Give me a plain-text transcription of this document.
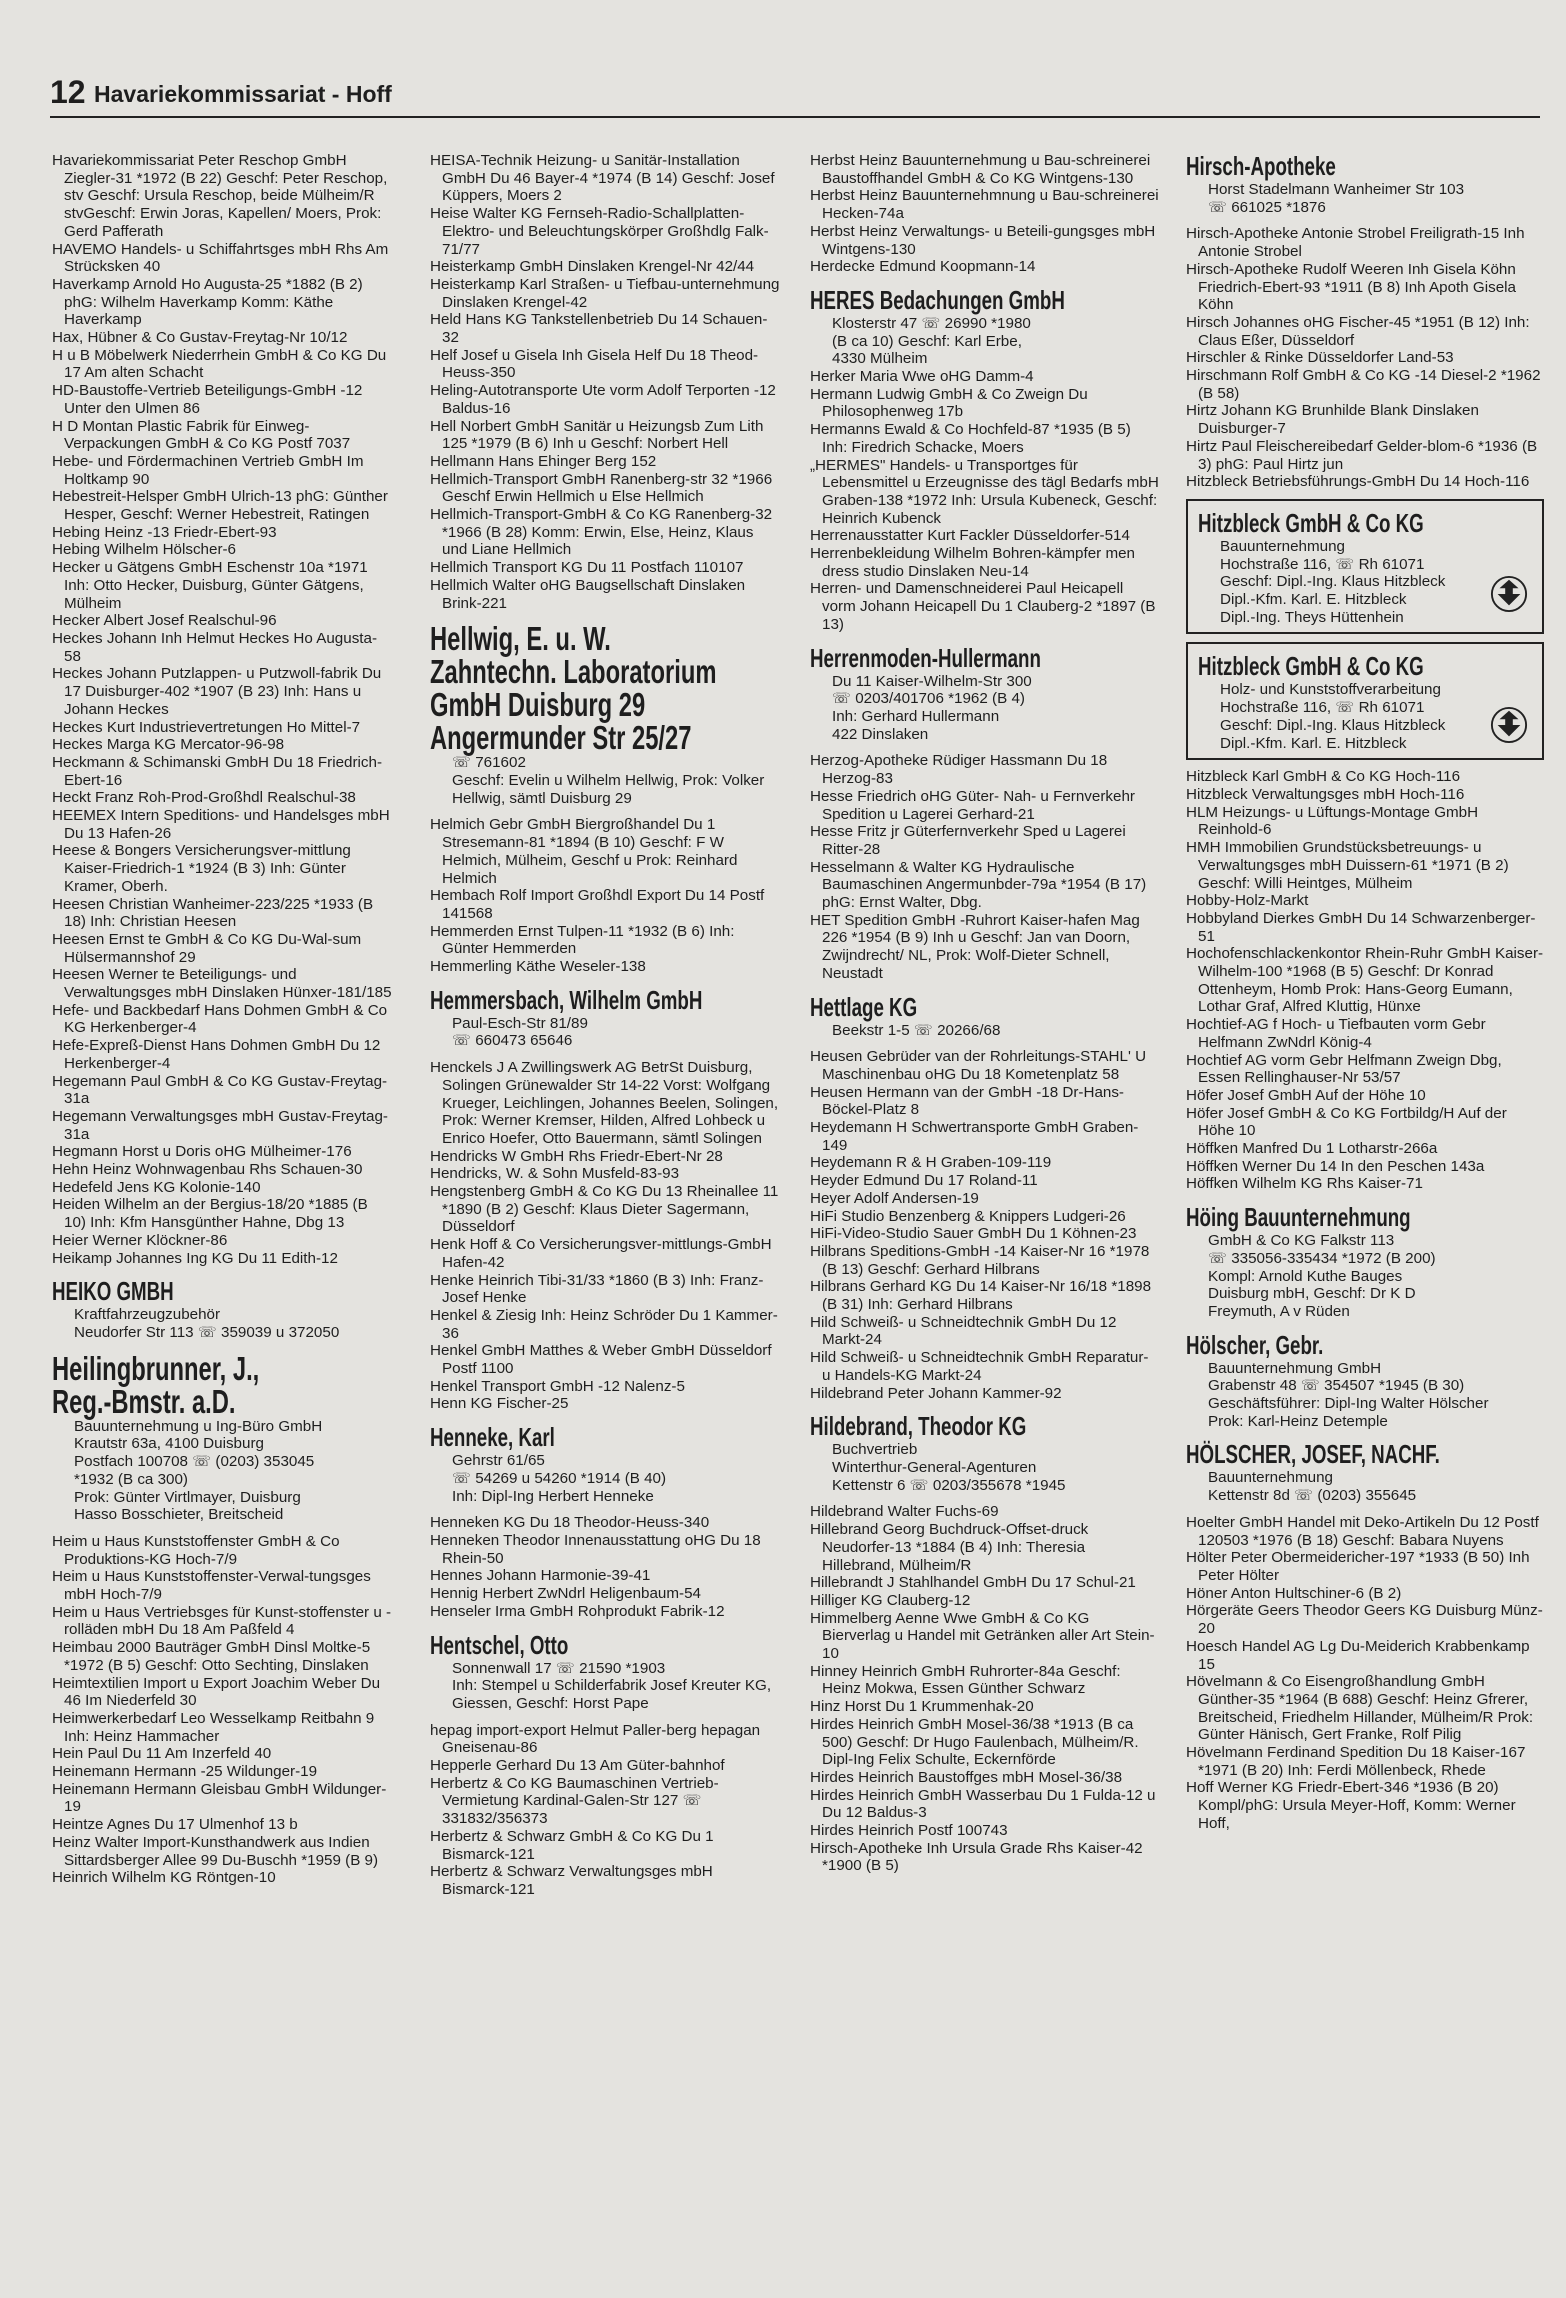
12 Havariekommissariat - Hoff

Havariekommissariat Peter Reschop GmbH Ziegler-31 *1972 (B 22) Geschf: Peter Reschop, stv Geschf: Ursula Reschop, beide Mülheim/R stvGeschf: Erwin Joras, Kapellen/ Moers, Prok: Gerd Pafferath

HAVEMO Handels- u Schiffahrtsges mbH Rhs Am Strücksken 40

Haverkamp Arnold Ho Augusta-25 *1882 (B 2) phG: Wilhelm Haverkamp Komm: Käthe Haverkamp

Hax, Hübner & Co Gustav-Freytag-Nr 10/12

H u B Möbelwerk Niederrhein GmbH & Co KG Du 17 Am alten Schacht

HD-Baustoffe-Vertrieb Beteiligungs-GmbH -12 Unter den Ulmen 86

H D Montan Plastic Fabrik für Einweg-Verpackungen GmbH & Co KG Postf 7037

Hebe- und Fördermachinen Vertrieb GmbH Im Holtkamp 90

Hebestreit-Helsper GmbH Ulrich-13 phG: Günther Hesper, Geschf: Werner Hebestreit, Ratingen

Hebing Heinz -13 Friedr-Ebert-93

Hebing Wilhelm Hölscher-6

Hecker u Gätgens GmbH Eschenstr 10a *1971 Inh: Otto Hecker, Duisburg, Günter Gätgens, Mülheim

Hecker Albert Josef Realschul-96

Heckes Johann Inh Helmut Heckes Ho Augusta-58

Heckes Johann Putzlappen- u Putzwoll-fabrik Du 17 Duisburger-402 *1907 (B 23) Inh: Hans u Johann Heckes

Heckes Kurt Industrievertretungen Ho Mittel-7

Heckes Marga KG Mercator-96-98

Heckmann & Schimanski GmbH Du 18 Friedrich-Ebert-16

Heckt Franz Roh-Prod-Großhdl Realschul-38

HEEMEX Intern Speditions- und Handelsges mbH Du 13 Hafen-26

Heese & Bongers Versicherungsver-mittlung Kaiser-Friedrich-1 *1924 (B 3) Inh: Günter Kramer, Oberh.

Heesen Christian Wanheimer-223/225 *1933 (B 18) Inh: Christian Heesen

Heesen Ernst te GmbH & Co KG Du-Wal-sum Hülsermannshof 29

Heesen Werner te Beteiligungs- und Verwaltungsges mbH Dinslaken Hünxer-181/185

Hefe- und Backbedarf Hans Dohmen GmbH & Co KG Herkenberger-4

Hefe-Expreß-Dienst Hans Dohmen GmbH Du 12 Herkenberger-4

Hegemann Paul GmbH & Co KG Gustav-Freytag-31a

Hegemann Verwaltungsges mbH Gustav-Freytag-31a

Hegmann Horst u Doris oHG Mülheimer-176

Hehn Heinz Wohnwagenbau Rhs Schauen-30

Hedefeld Jens KG Kolonie-140

Heiden Wilhelm an der Bergius-18/20 *1885 (B 10) Inh: Kfm Hansgünther Hahne, Dbg 13

Heier Werner Klöckner-86

Heikamp Johannes Ing KG Du 11 Edith-12

HEIKO GMBH

Kraftfahrzeugzubehör

Neudorfer Str 113 ☏ 359039 u 372050

Heilingbrunner, J.,
Reg.-Bmstr. a.D.

Bauunternehmung u Ing-Büro GmbH

Krautstr 63a, 4100 Duisburg

Postfach 100708 ☏ (0203) 353045

*1932 (B ca 300)

Prok: Günter Virtlmayer, Duisburg

Hasso Bosschieter, Breitscheid

Heim u Haus Kunststoffenster GmbH & Co Produktions-KG Hoch-7/9

Heim u Haus Kunststoffenster-Verwal-tungsges mbH Hoch-7/9

Heim u Haus Vertriebsges für Kunst-stoffenster u -rolläden mbH Du 18 Am Paßfeld 4

Heimbau 2000 Bauträger GmbH Dinsl Moltke-5 *1972 (B 5) Geschf: Otto Sechting, Dinslaken

Heimtextilien Import u Export Joachim Weber Du 46 Im Niederfeld 30

Heimwerkerbedarf Leo Wesselkamp Reitbahn 9 Inh: Heinz Hammacher

Hein Paul Du 11 Am Inzerfeld 40

Heinemann Hermann -25 Wildunger-19

Heinemann Hermann Gleisbau GmbH Wildunger-19

Heintze Agnes Du 17 Ulmenhof 13 b

Heinz Walter Import-Kunsthandwerk aus Indien Sittardsberger Allee 99 Du-Buschh *1959 (B 9)

Heinrich Wilhelm KG Röntgen-10

HEISA-Technik Heizung- u Sanitär-Installation GmbH Du 46 Bayer-4 *1974 (B 14) Geschf: Josef Küppers, Moers 2

Heise Walter KG Fernseh-Radio-Schallplatten-Elektro- und Beleuchtungskörper Großhdlg Falk-71/77

Heisterkamp GmbH Dinslaken Krengel-Nr 42/44

Heisterkamp Karl Straßen- u Tiefbau-unternehmung Dinslaken Krengel-42

Held Hans KG Tankstellenbetrieb Du 14 Schauen-32

Helf Josef u Gisela Inh Gisela Helf Du 18 Theod-Heuss-350

Heling-Autotransporte Ute vorm Adolf Terporten -12 Baldus-16

Hell Norbert GmbH Sanitär u Heizungsb Zum Lith 125 *1979 (B 6) Inh u Geschf: Norbert Hell

Hellmann Hans Ehinger Berg 152

Hellmich-Transport GmbH Ranenberg-str 32 *1966 Geschf Erwin Hellmich u Else Hellmich

Hellmich-Transport-GmbH & Co KG Ranenberg-32 *1966 (B 28) Komm: Erwin, Else, Heinz, Klaus und Liane Hellmich

Hellmich Transport KG Du 11 Postfach 110107

Hellmich Walter oHG Baugsellschaft Dinslaken Brink-221

Hellwig, E. u. W.
Zahntechn. Laboratorium
GmbH Duisburg 29
Angermunder Str 25/27

☏ 761602

Geschf: Evelin u Wilhelm Hellwig, Prok: Volker Hellwig, sämtl Duisburg 29

Helmich Gebr GmbH Biergroßhandel Du 1 Stresemann-81 *1894 (B 10) Geschf: F W Helmich, Mülheim, Geschf u Prok: Reinhard Helmich

Hembach Rolf Import Großhdl Export Du 14 Postf 141568

Hemmerden Ernst Tulpen-11 *1932 (B 6) Inh: Günter Hemmerden

Hemmerling Käthe Weseler-138

Hemmersbach, Wilhelm GmbH

Paul-Esch-Str 81/89

☏ 660473 65646

Henckels J A Zwillingswerk AG BetrSt Duisburg, Solingen Grünewalder Str 14-22 Vorst: Wolfgang Krueger, Leichlingen, Johannes Beelen, Solingen, Prok: Werner Kremser, Hilden, Alfred Lohbeck u Enrico Hoefer, Otto Bauermann, sämtl Solingen

Hendricks W GmbH Rhs Friedr-Ebert-Nr 28

Hendricks, W. & Sohn Musfeld-83-93

Hengstenberg GmbH & Co KG Du 13 Rheinallee 11 *1890 (B 2) Geschf: Klaus Dieter Sagermann, Düsseldorf

Henk Hoff & Co Versicherungsver-mittlungs-GmbH Hafen-42

Henke Heinrich Tibi-31/33 *1860 (B 3) Inh: Franz-Josef Henke

Henkel & Ziesig Inh: Heinz Schröder Du 1 Kammer-36

Henkel GmbH Matthes & Weber GmbH Düsseldorf Postf 1100

Henkel Transport GmbH -12 Nalenz-5

Henn KG Fischer-25

Henneke, Karl

Gehrstr 61/65

☏ 54269 u 54260 *1914 (B 40)

Inh: Dipl-Ing Herbert Henneke

Henneken KG Du 18 Theodor-Heuss-340

Henneken Theodor Innenausstattung oHG Du 18 Rhein-50

Hennes Johann Harmonie-39-41

Hennig Herbert ZwNdrl Heligenbaum-54

Henseler Irma GmbH Rohprodukt Fabrik-12

Hentschel, Otto

Sonnenwall 17 ☏ 21590 *1903

Inh: Stempel u Schilderfabrik Josef Kreuter KG, Giessen, Geschf: Horst Pape

hepag import-export Helmut Paller-berg hepagan Gneisenau-86

Hepperle Gerhard Du 13 Am Güter-bahnhof

Herbertz & Co KG Baumaschinen Vertrieb-Vermietung Kardinal-Galen-Str 127 ☏ 331832/356373

Herbertz & Schwarz GmbH & Co KG Du 1 Bismarck-121

Herbertz & Schwarz Verwaltungsges mbH Bismarck-121

Herbst Heinz Bauunternehmung u Bau-schreinerei Baustoffhandel GmbH & Co KG Wintgens-130

Herbst Heinz Bauunternehmnung u Bau-schreinerei Hecken-74a

Herbst Heinz Verwaltungs- u Beteili-gungsges mbH Wintgens-130

Herdecke Edmund Koopmann-14

HERES Bedachungen GmbH

Klosterstr 47 ☏ 26990 *1980

(B ca 10) Geschf: Karl Erbe,

4330 Mülheim

Herker Maria Wwe oHG Damm-4

Hermann Ludwig GmbH & Co Zweign Du Philosophenweg 17b

Hermanns Ewald & Co Hochfeld-87 *1935 (B 5) Inh: Firedrich Schacke, Moers

„HERMES" Handels- u Transportges für Lebensmittel u Erzeugnisse des tägl Bedarfs mbH Graben-138 *1972 Inh: Ursula Kubeneck, Geschf: Heinrich Kubenck

Herrenausstatter Kurt Fackler Düsseldorfer-514

Herrenbekleidung Wilhelm Bohren-kämpfer men dress studio Dinslaken Neu-14

Herren- und Damenschneiderei Paul Heicapell vorm Johann Heicapell Du 1 Clauberg-2 *1897 (B 13)

Herrenmoden-Hullermann

Du 11 Kaiser-Wilhelm-Str 300

☏ 0203/401706 *1962 (B 4)

Inh: Gerhard Hullermann

422 Dinslaken

Herzog-Apotheke Rüdiger Hassmann Du 18 Herzog-83

Hesse Friedrich oHG Güter- Nah- u Fernverkehr Spedition u Lagerei Gerhard-21

Hesse Fritz jr Güterfernverkehr Sped u Lagerei Ritter-28

Hesselmann & Walter KG Hydraulische Baumaschinen Angermunbder-79a *1954 (B 17) phG: Ernst Walter, Dbg.

HET Spedition GmbH -Ruhrort Kaiser-hafen Mag 226 *1954 (B 9) Inh u Geschf: Jan van Doorn, Zwijndrecht/ NL, Prok: Wolf-Dieter Schnell, Neustadt

Hettlage KG

Beekstr 1-5 ☏ 20266/68

Heusen Gebrüder van der Rohrleitungs-STAHL' U Maschinenbau oHG Du 18 Kometenplatz 58

Heusen Hermann van der GmbH -18 Dr-Hans-Böckel-Platz 8

Heydemann H Schwertransporte GmbH Graben-149

Heydemann R & H Graben-109-119

Heyder Edmund Du 17 Roland-11

Heyer Adolf Andersen-19

HiFi Studio Benzenberg & Knippers Ludgeri-26

HiFi-Video-Studio Sauer GmbH Du 1 Köhnen-23

Hilbrans Speditions-GmbH -14 Kaiser-Nr 16 *1978 (B 13) Geschf: Gerhard Hilbrans

Hilbrans Gerhard KG Du 14 Kaiser-Nr 16/18 *1898 (B 31) Inh: Gerhard Hilbrans

Hild Schweiß- u Schneidtechnik GmbH Du 12 Markt-24

Hild Schweiß- u Schneidtechnik GmbH Reparatur- u Handels-KG Markt-24

Hildebrand Peter Johann Kammer-92

Hildebrand, Theodor KG

Buchvertrieb

Winterthur-General-Agenturen

Kettenstr 6 ☏ 0203/355678 *1945

Hildebrand Walter Fuchs-69

Hillebrand Georg Buchdruck-Offset-druck Neudorfer-13 *1884 (B 4) Inh: Theresia Hillebrand, Mülheim/R

Hillebrandt J Stahlhandel GmbH Du 17 Schul-21

Hilliger KG Clauberg-12

Himmelberg Aenne Wwe GmbH & Co KG Bierverlag u Handel mit Getränken aller Art Stein-10

Hinney Heinrich GmbH Ruhrorter-84a Geschf: Heinz Mokwa, Essen Günther Schwarz

Hinz Horst Du 1 Krummenhak-20

Hirdes Heinrich GmbH Mosel-36/38 *1913 (B ca 500) Geschf: Dr Hugo Faulenbach, Mülheim/R. Dipl-Ing Felix Schulte, Eckernförde

Hirdes Heinrich Baustoffges mbH Mosel-36/38

Hirdes Heinrich GmbH Wasserbau Du 1 Fulda-12 u Du 12 Baldus-3

Hirdes Heinrich Postf 100743

Hirsch-Apotheke Inh Ursula Grade Rhs Kaiser-42 *1900 (B 5)

Hirsch-Apotheke

Horst Stadelmann Wanheimer Str 103

☏ 661025 *1876

Hirsch-Apotheke Antonie Strobel Freiligrath-15 Inh Antonie Strobel

Hirsch-Apotheke Rudolf Weeren Inh Gisela Köhn Friedrich-Ebert-93 *1911 (B 8) Inh Apoth Gisela Köhn

Hirsch Johannes oHG Fischer-45 *1951 (B 12) Inh: Claus Eßer, Düsseldorf

Hirschler & Rinke Düsseldorfer Land-53

Hirschmann Rolf GmbH & Co KG -14 Diesel-2 *1962 (B 58)

Hirtz Johann KG Brunhilde Blank Dinslaken Duisburger-7

Hirtz Paul Fleischereibedarf Gelder-blom-6 *1936 (B 3) phG: Paul Hirtz jun

Hitzbleck Betriebsführungs-GmbH Du 14 Hoch-116

Hitzbleck GmbH & Co KG

Bauunternehmung

Hochstraße 116, ☏ Rh 61071

Geschf: Dipl.-Ing. Klaus Hitzbleck

Dipl.-Kfm. Karl. E. Hitzbleck

Dipl.-Ing. Theys Hüttenhein

Hitzbleck GmbH & Co KG

Holz- und Kunststoffverarbeitung

Hochstraße 116, ☏ Rh 61071

Geschf: Dipl.-Ing. Klaus Hitzbleck

Dipl.-Kfm. Karl. E. Hitzbleck

Hitzbleck Karl GmbH & Co KG Hoch-116

Hitzbleck Verwaltungsges mbH Hoch-116

HLM Heizungs- u Lüftungs-Montage GmbH Reinhold-6

HMH Immobilien Grundstücksbetreuungs- u Verwaltungsges mbH Duissern-61 *1971 (B 2) Geschf: Willi Heintges, Mülheim

Hobby-Holz-Markt

Hobbyland Dierkes GmbH Du 14 Schwarzenberger-51

Hochofenschlackenkontor Rhein-Ruhr GmbH Kaiser-Wilhelm-100 *1968 (B 5) Geschf: Dr Konrad Ottenheym, Homb Prok: Hans-Georg Eumann, Lothar Graf, Alfred Kluttig, Hünxe

Hochtief-AG f Hoch- u Tiefbauten vorm Gebr Helfmann ZwNdrl König-4

Hochtief AG vorm Gebr Helfmann Zweign Dbg, Essen Rellinghauser-Nr 53/57

Höfer Josef GmbH Auf der Höhe 10

Höfer Josef GmbH & Co KG Fortbildg/H Auf der Höhe 10

Höffken Manfred Du 1 Lotharstr-266a

Höffken Werner Du 14 In den Peschen 143a

Höffken Wilhelm KG Rhs Kaiser-71

Höing Bauunternehmung

GmbH & Co KG Falkstr 113

☏ 335056-335434 *1972 (B 200)

Kompl: Arnold Kuthe Bauges

Duisburg mbH, Geschf: Dr K D

Freymuth, A v Rüden

Hölscher, Gebr.

Bauunternehmung GmbH

Grabenstr 48 ☏ 354507 *1945 (B 30)

Geschäftsführer: Dipl-Ing Walter Hölscher

Prok: Karl-Heinz Detemple

HÖLSCHER, JOSEF, NACHF.

Bauunternehmung

Kettenstr 8d ☏ (0203) 355645

Hoelter GmbH Handel mit Deko-Artikeln Du 12 Postf 120503 *1976 (B 18) Geschf: Babara Nuyens

Hölter Peter Obermeidericher-197 *1933 (B 50) Inh Peter Hölter

Höner Anton Hultschiner-6 (B 2)

Hörgeräte Geers Theodor Geers KG Duisburg Münz-20

Hoesch Handel AG Lg Du-Meiderich Krabbenkamp 15

Hövelmann & Co Eisengroßhandlung GmbH Günther-35 *1964 (B 688) Geschf: Heinz Gfrerer, Breitscheid, Friedhelm Hillander, Mülheim/R Prok: Günter Hänisch, Gert Franke, Rolf Pilig

Hövelmann Ferdinand Spedition Du 18 Kaiser-167 *1971 (B 20) Inh: Ferdi Möllenbeck, Rhede

Hoff Werner KG Friedr-Ebert-346 *1936 (B 20) Kompl/phG: Ursula Meyer-Hoff, Komm: Werner Hoff,
